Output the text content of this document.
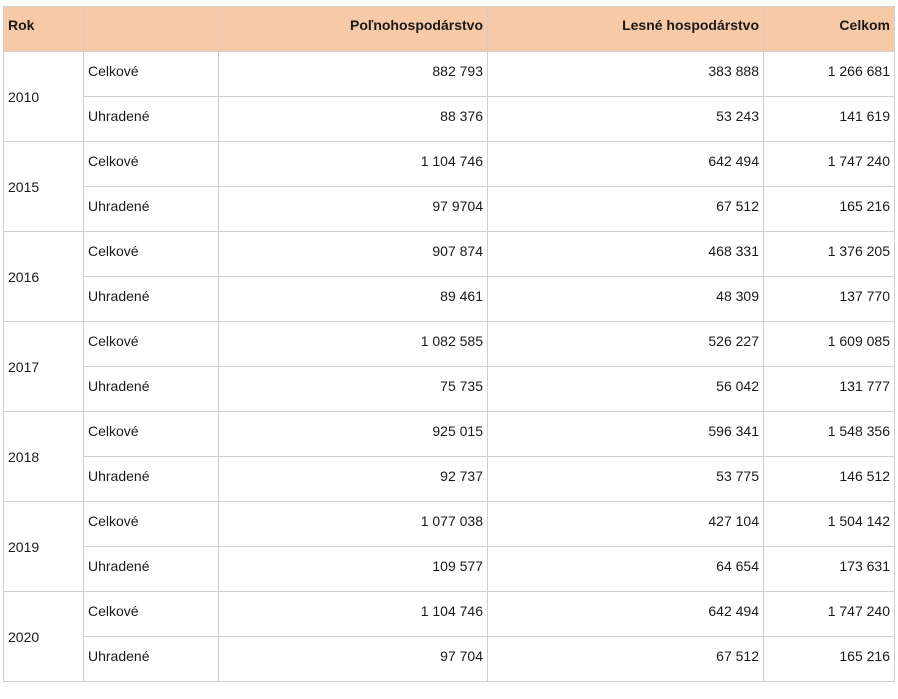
Rok		Poľnohospodárstvo	Lesné hospodárstvo	Celkom
2010	Celkové	882 793	383 888	1 266 681
	Uhradené	88 376	53 243	141 619
2015	Celkové	1 104 746	642 494	1 747 240
	Uhradené	97 9704	67 512	165 216
2016	Celkové	907 874	468 331	1 376 205
	Uhradené	89 461	48 309	137 770
2017	Celkové	1 082 585	526 227	1 609 085
	Uhradené	75 735	56 042	131 777
2018	Celkové	925 015	596 341	1 548 356
	Uhradené	92 737	53 775	146 512
2019	Celkové	1 077 038	427 104	1 504 142
	Uhradené	109 577	64 654	173 631
2020	Celkové	1 104 746	642 494	1 747 240
	Uhradené	97 704	67 512	165 216
